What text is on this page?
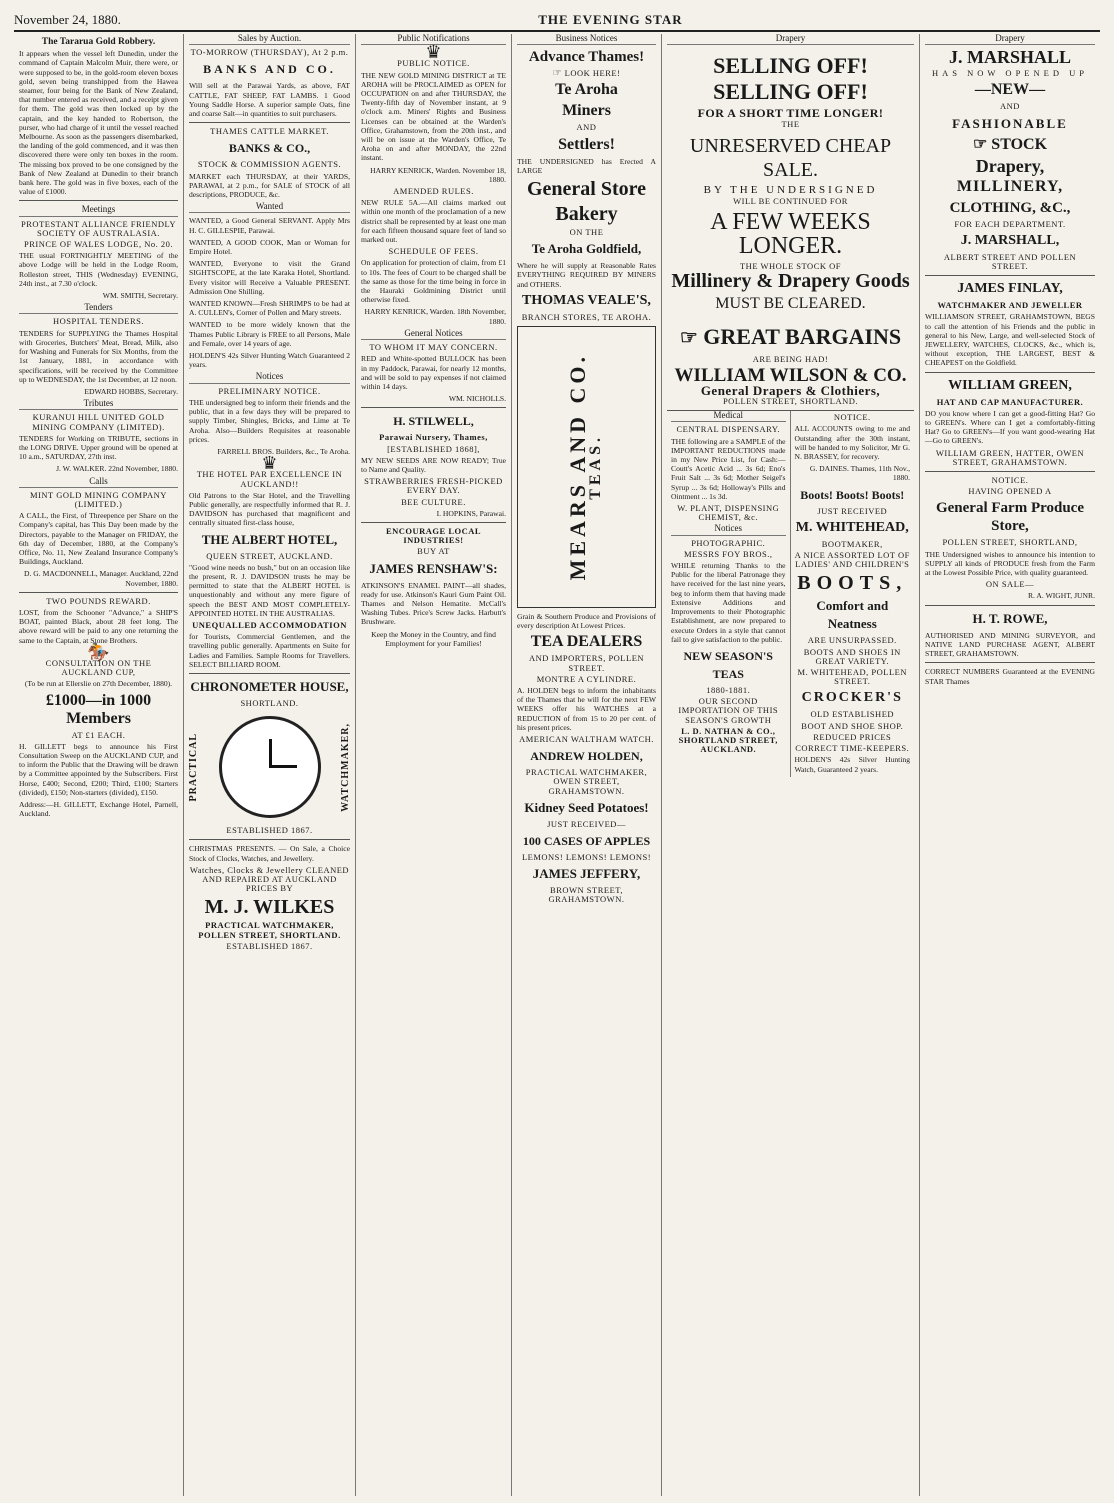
November 24, 1880.	THE EVENING STAR
The Tararua Gold Robbery.

It appears when the vessel left Dunedin, under the command of Captain Malcolm Muir, there were, or were supposed to be, in the gold-room eleven boxes gold, seven being transhipped from the Hawea steamer, four being for the Bank of New Zealand, that number entered as received, and a receipt given for them. The gold was then locked up by the captain, and the key handed to Robertson, the purser, who had charge of it until the vessel reached Melbourne. As soon as the passengers disembarked, the landing of the gold commenced, and it was then discovered there were only ten boxes in the room. The missing box proved to be one consigned by the Bank of New Zealand at Dunedin to their branch bank here. The gold was in five boxes, each of the value of £1000.

Meetings
PROTESTANT ALLIANCE FRIENDLY SOCIETY OF AUSTRALASIA.
PRINCE OF WALES LODGE, No. 20.

THE usual FORTNIGHTLY MEETING of the above Lodge will be held in the Lodge Room, Rolleston street, THIS (Wednesday) EVENING, 24th inst., at 7.30 o'clock.

WM. SMITH, Secretary.

Tenders
HOSPITAL TENDERS.

TENDERS for SUPPLYING the Thames Hospital with Groceries, Butchers' Meat, Bread, Milk, also for Washing and Funerals for Six Months, from the 1st January, 1881, in accordance with specifications, will be received by the Committee up to WEDNESDAY, the 1st December, at 12 noon.

EDWARD HOBBS, Secretary.

Tributes
KURANUI HILL UNITED GOLD MINING COMPANY (LIMITED).

TENDERS for Working on TRIBUTE, sections in the LONG DRIVE. Upper ground will be opened at 10 a.m., SATURDAY, 27th inst.

J. W. WALKER. 22nd November, 1880.

Calls
MINT GOLD MINING COMPANY (LIMITED.)

A CALL, the First, of Threepence per Share on the Company's capital, has This Day been made by the Directors, payable to the Manager on FRIDAY, the 6th day of December, 1880, at the Company's Office, No. 11, New Zealand Insurance Company's Buildings, Auckland.

D. G. MACDONNELL, Manager. Auckland, 22nd November, 1880.

TWO POUNDS REWARD.

LOST, from the Schooner "Advance," a SHIP'S BOAT, painted Black, about 28 feet long. The above reward will be paid to any one returning the same to the Captain, at Stone Brothers.

🏇
CONSULTATION ON THE AUCKLAND CUP,
(To be run at Ellerslie on 27th December, 1880).
£1000—in 1000 Members
AT £1 EACH.

H. GILLETT begs to announce his First Consultation Sweep on the AUCKLAND CUP, and to inform the Public that the Drawing will be drawn by a Committee appointed by the Subscribers. First Horse, £400; Second, £200; Third, £100; Starters (divided), £150; Non-starters (divided), £150.

Address:—H. GILLETT, Exchange Hotel, Parnell, Auckland.

Sales by Auction.
TO-MORROW (THURSDAY), At 2 p.m.
BANKS AND CO.

Will sell at the Parawai Yards, as above, FAT CATTLE, FAT SHEEP, FAT LAMBS. 1 Good Young Saddle Horse. A superior sample Oats, fine and coarse Salt—in quantities to suit purchasers.

THAMES CATTLE MARKET.
BANKS & CO.,
STOCK & COMMISSION AGENTS.

MARKET each THURSDAY, at their YARDS, PARAWAI, at 2 p.m., for SALE of STOCK of all descriptions, PRODUCE, &c.

Wanted

WANTED, a Good General SERVANT. Apply Mrs H. C. GILLESPIE, Parawai.

WANTED, A GOOD COOK, Man or Woman for Empire Hotel.

WANTED, Everyone to visit the Grand SIGHTSCOPE, at the late Karaka Hotel, Shortland. Every visitor will Receive a Valuable PRESENT. Admission One Shilling.

WANTED KNOWN—Fresh SHRIMPS to be had at A. CULLEN's, Corner of Pollen and Mary streets.

WANTED to be more widely known that the Thames Public Library is FREE to all Persons, Male and Female, over 14 years of age.

HOLDEN'S 42s Silver Hunting Watch Guaranteed 2 years.

Notices
PRELIMINARY NOTICE.

THE undersigned beg to inform their friends and the public, that in a few days they will be prepared to supply Timber, Shingles, Bricks, and Lime at Te Aroha. Also—Builders Requisites at reasonable prices.

FARRELL BROS. Builders, &c., Te Aroha.

♛
THE HOTEL PAR EXCELLENCE IN AUCKLAND!!

Old Patrons to the Star Hotel, and the Travelling Public generally, are respectfully informed that R. J. DAVIDSON has purchased that magnificent and centrally situated first-class house,

THE ALBERT HOTEL,
QUEEN STREET, AUCKLAND.

"Good wine needs no bush," but on an occasion like the present, R. J. DAVIDSON trusts he may be permitted to state that the ALBERT HOTEL is unquestionably and without any mere figure of speech the BEST AND MOST COMPLETELY-APPOINTED HOTEL IN THE AUSTRALIAS.

UNEQUALLED ACCOMMODATION

for Tourists, Commercial Gentlemen, and the travelling public generally. Apartments en Suite for Ladies and Families. Sample Rooms for Travellers. SELECT BILLIARD ROOM.

CHRONOMETER HOUSE,
SHORTLAND.
PRACTICAL	WATCHMAKER,
ESTABLISHED 1867.

CHRISTMAS PRESENTS. — On Sale, a Choice Stock of Clocks, Watches, and Jewellery.

Watches, Clocks & Jewellery CLEANED AND REPAIRED AT AUCKLAND PRICES BY
M. J. WILKES
PRACTICAL WATCHMAKER, POLLEN STREET, SHORTLAND.
ESTABLISHED 1867.
Public Notifications
♛
PUBLIC NOTICE.

THE NEW GOLD MINING DISTRICT at TE AROHA will be PROCLAIMED as OPEN for OCCUPATION on and after THURSDAY, the Twenty-fifth day of November instant, at 9 o'clock a.m. Miners' Rights and Business Licenses can be obtained at the Warden's Office, Grahamstown, from the 20th inst., and will be on issue at the Warden's Office, Te Aroha on and after MONDAY, the 22nd instant.

HARRY KENRICK, Warden. November 18, 1880.

AMENDED RULES.

NEW RULE 5A.—All claims marked out within one month of the proclamation of a new district shall be represented by at least one man for each fifteen thousand square feet of land so marked out.

SCHEDULE OF FEES.

On application for protection of claim, from £1 to 10s. The fees of Court to be charged shall be the same as those for the time being in force in the Hauraki Goldmining District until otherwise fixed.

HARRY KENRICK, Warden. 18th November, 1880.

General Notices
TO WHOM IT MAY CONCERN.

RED and White-spotted BULLOCK has been in my Paddock, Parawai, for nearly 12 months, and will be sold to pay expenses if not claimed within 14 days.

WM. NICHOLLS.

H. STILWELL,
Parawai Nursery, Thames,
[ESTABLISHED 1868],

MY NEW SEEDS ARE NOW READY; True to Name and Quality.

STRAWBERRIES FRESH-PICKED EVERY DAY.
BEE CULTURE.

I. HOPKINS, Parawai.

ENCOURAGE LOCAL INDUSTRIES!
BUY AT
JAMES RENSHAW'S:

ATKINSON'S ENAMEL PAINT—all shades, ready for use. Atkinson's Kauri Gum Paint Oil. Thames and Nelson Hematite. McCall's Washing Tubes. Price's Screw Jacks. Harbutt's Brushware.

Keep the Money in the Country, and find Employment for your Families!

Business Notices
Advance Thames!
☞ LOOK HERE!
Te Aroha
Miners
AND
Settlers!

THE UNDERSIGNED has Erected A LARGE

General Store
Bakery
ON THE
Te Aroha Goldfield,

Where he will supply at Reasonable Rates EVERYTHING REQUIRED BY MINERS and OTHERS.

THOMAS VEALE'S,
BRANCH STORES, TE AROHA.
MEARS AND CO.
TEAS.

Grain & Southern Produce and Provisions of every description At Lowest Prices.

TEA DEALERS
AND IMPORTERS, POLLEN STREET.
MONTRE A CYLINDRE.

A. HOLDEN begs to inform the inhabitants of the Thames that he will for the next FEW WEEKS offer his WATCHES at a REDUCTION of from 15 to 20 per cent. of his present prices.

AMERICAN WALTHAM WATCH.
ANDREW HOLDEN,
PRACTICAL WATCHMAKER, OWEN STREET, GRAHAMSTOWN.
Kidney Seed Potatoes!
JUST RECEIVED—
100 CASES OF APPLES
LEMONS! LEMONS! LEMONS!
JAMES JEFFERY,
BROWN STREET, GRAHAMSTOWN.
Drapery
SELLING OFF! SELLING OFF!
FOR A SHORT TIME LONGER!
THE
UNRESERVED CHEAP SALE.
BY THE UNDERSIGNED
WILL BE CONTINUED FOR
A FEW WEEKS LONGER.
THE WHOLE STOCK OF
Millinery & Drapery Goods
MUST BE CLEARED.
☞ GREAT BARGAINS
ARE BEING HAD!
WILLIAM WILSON & CO.
General Drapers & Clothiers,
POLLEN STREET, SHORTLAND.
Medical
CENTRAL DISPENSARY.

THE following are a SAMPLE of the IMPORTANT REDUCTIONS made in my New Price List, for Cash:— Coutt's Acetic Acid ... 3s 6d; Eno's Fruit Salt ... 3s 6d; Mother Seigel's Syrup ... 3s 6d; Holloway's Pills and Ointment ... 1s 3d.

W. PLANT, DISPENSING CHEMIST, &c.
Notices
PHOTOGRAPHIC.
MESSRS FOY BROS.,

WHILE returning Thanks to the Public for the liberal Patronage they have received for the last nine years, beg to inform them that having made Extensive Additions and Improvements to their Photographic Establishment, are now prepared to execute Orders in a style that cannot fail to give satisfaction to the public.

NEW SEASON'S TEAS
1880-1881.
OUR SECOND IMPORTATION OF THIS SEASON'S GROWTH
L. D. NATHAN & CO., SHORTLAND STREET, AUCKLAND.
NOTICE.

ALL ACCOUNTS owing to me and Outstanding after the 30th instant, will be handed to my Solicitor, Mr G. N. BRASSEY, for recovery.

G. DAINES. Thames, 11th Nov., 1880.

Boots! Boots! Boots!
JUST RECEIVED
M. WHITEHEAD,
BOOTMAKER,
A NICE ASSORTED LOT OF LADIES' AND CHILDREN'S
BOOTS,
Comfort and Neatness
ARE UNSURPASSED.
BOOTS AND SHOES IN GREAT VARIETY.
M. WHITEHEAD, POLLEN STREET.
CROCKER'S
OLD ESTABLISHED
BOOT AND SHOE SHOP.
REDUCED PRICES
CORRECT TIME-KEEPERS.

HOLDEN'S 42s Silver Hunting Watch, Guaranteed 2 years.

Drapery
J. MARSHALL
HAS NOW OPENED UP
—NEW—
AND
FASHIONABLE
☞ STOCK
Drapery,
MILLINERY,
CLOTHING, &C.,
FOR EACH DEPARTMENT.
J. MARSHALL,
ALBERT STREET AND POLLEN STREET.
JAMES FINLAY,
WATCHMAKER AND JEWELLER

WILLIAMSON STREET, GRAHAMSTOWN, BEGS to call the attention of his Friends and the public in general to his New, Large, and well-selected Stock of JEWELLERY, WATCHES, CLOCKS, &c., which is, without exception, THE LARGEST, BEST & CHEAPEST on the Goldfield.

WILLIAM GREEN,
HAT AND CAP MANUFACTURER.

DO you know where I can get a good-fitting Hat? Go to GREEN's. Where can I get a comfortably-fitting Hat? Go to GREEN's—If you want good-wearing Hat—Go to GREEN's.

WILLIAM GREEN, HATTER, OWEN STREET, GRAHAMSTOWN.
NOTICE.
HAVING OPENED A
General Farm Produce Store,
POLLEN STREET, SHORTLAND,

THE Undersigned wishes to announce his intention to SUPPLY all kinds of PRODUCE fresh from the Farm at the Lowest Possible Price, with quality guaranteed.

ON SALE—

R. A. WIGHT, JUNR.

H. T. ROWE,

AUTHORISED AND MINING SURVEYOR, and NATIVE LAND PURCHASE AGENT, ALBERT STREET, GRAHAMSTOWN.

CORRECT NUMBERS Guaranteed at the EVENING STAR Thames
